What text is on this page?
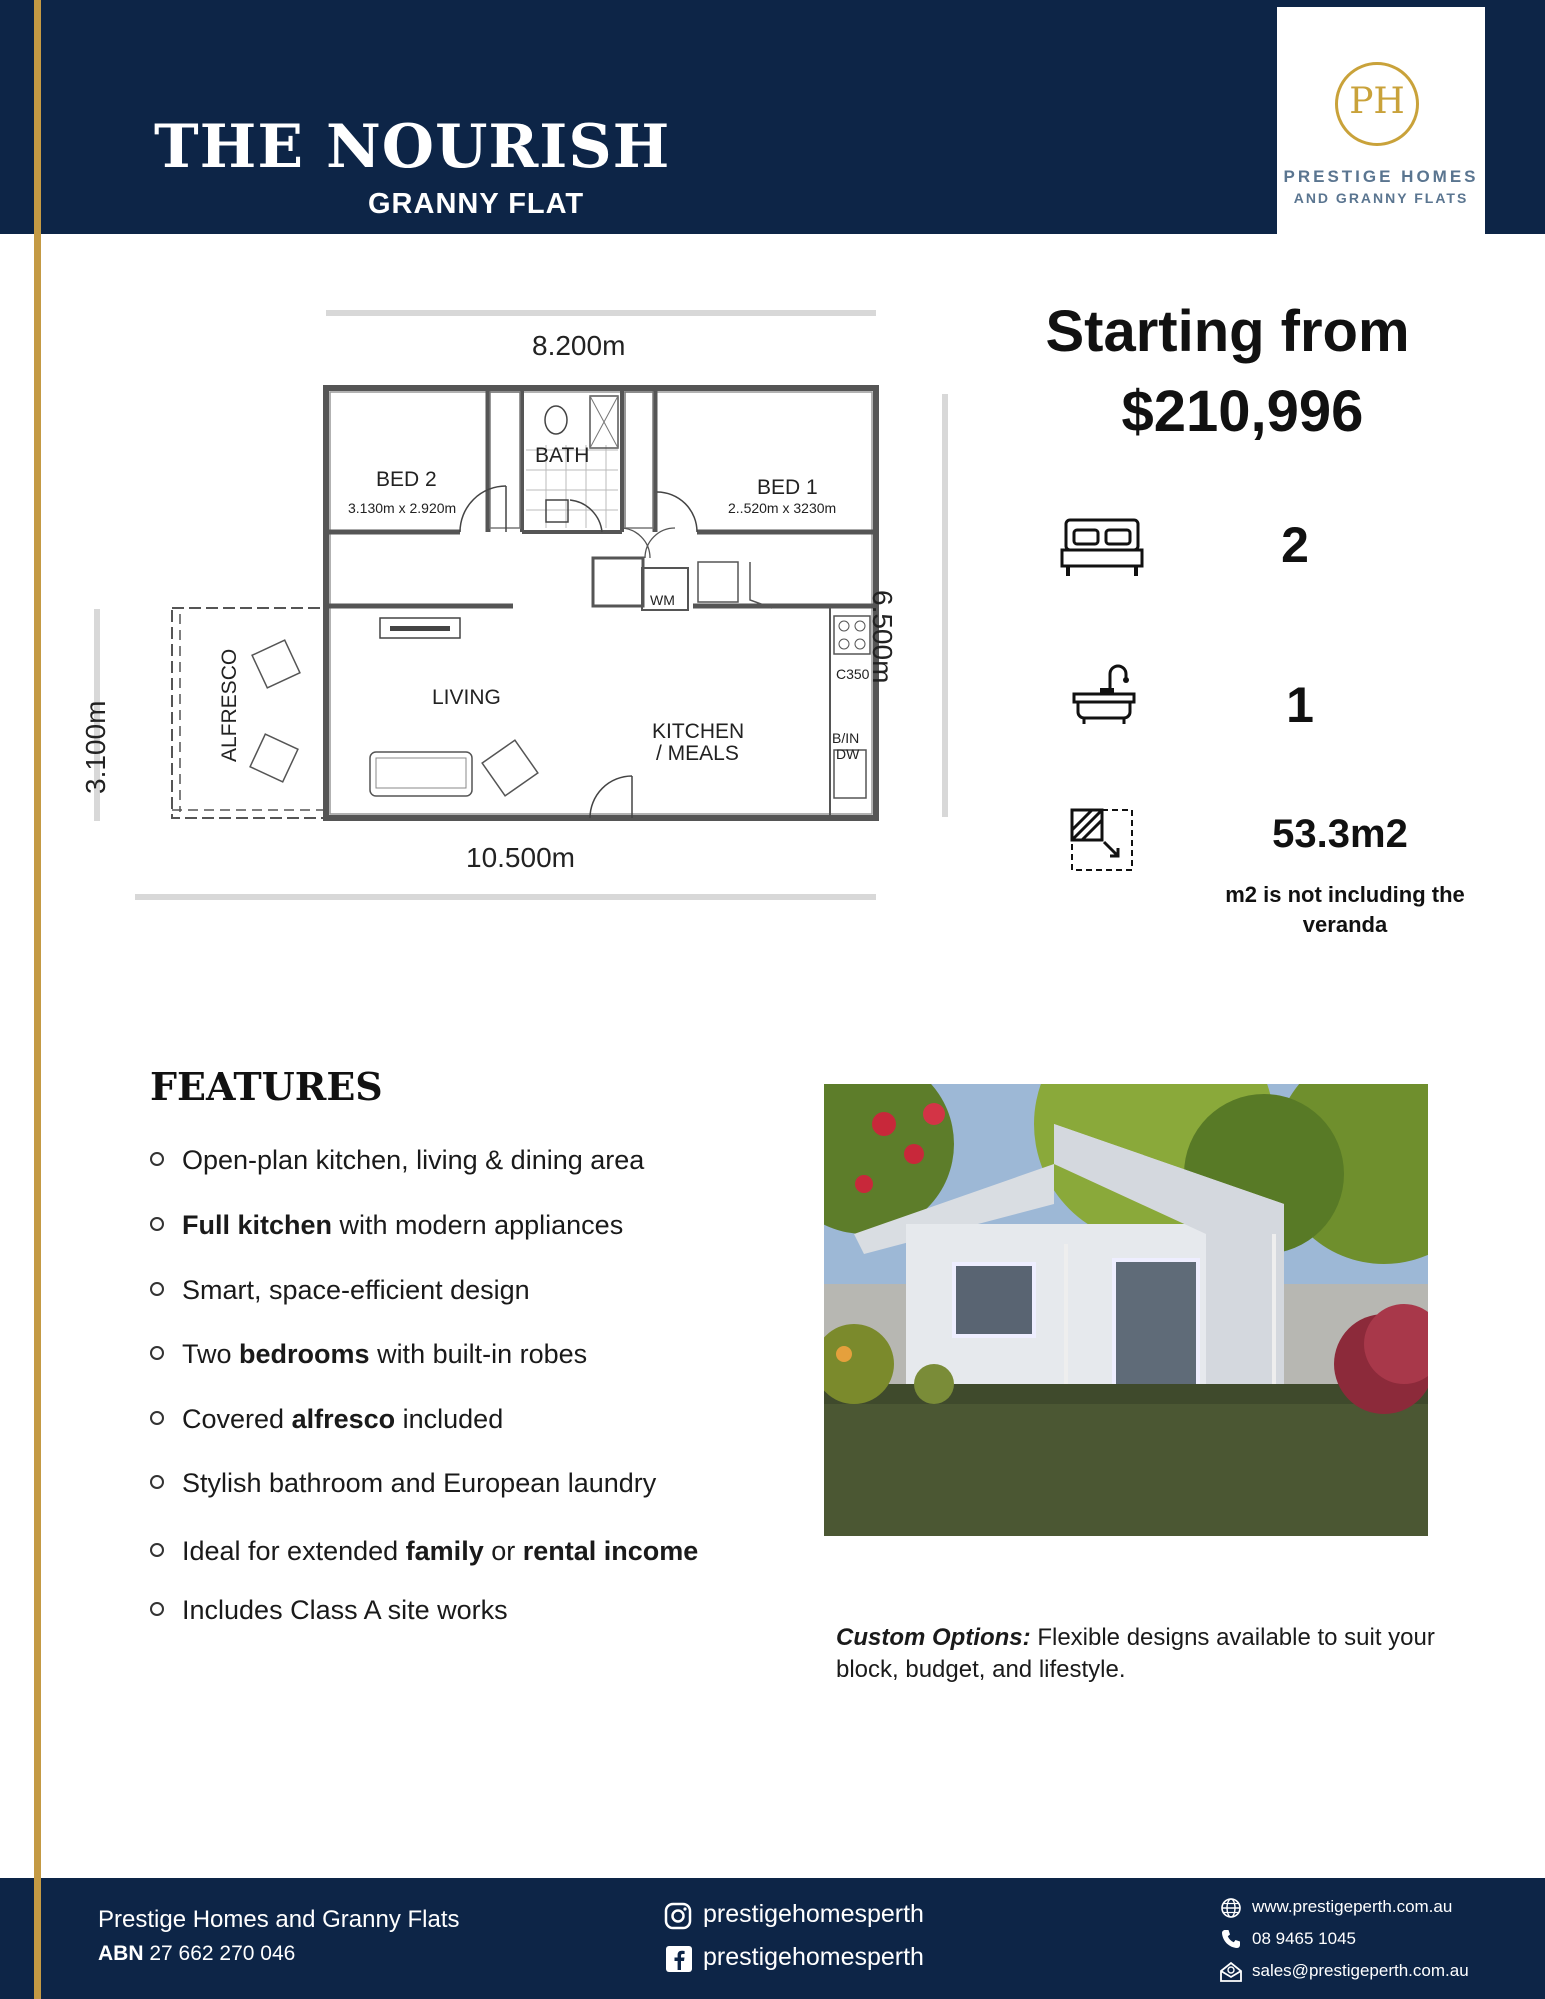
THE NOURISH
GRANNY FLAT
PH
PRESTIGE HOMES
AND GRANNY FLATS
8.200m
6.500m
3.100m
10.500m
BED 2
3.130m x 2.920m
BATH
BED 1
2..520m x 3230m
ALFRESCO	LIVING
KITCHEN
/ MEALS
WM
B/IN
DW
C350
Starting from
$210,996
2
1
53.3m2
m2 is not including the
veranda
FEATURES
Open-plan kitchen, living & dining area
Full kitchen with modern appliances
Smart, space-efficient design
Two bedrooms with built-in robes
Covered alfresco included
Stylish bathroom and European laundry
Ideal for extended family or rental income
Includes Class A site works
Custom Options: Flexible designs available to suit your block, budget, and lifestyle.
Prestige Homes and Granny Flats
ABN 27 662 270 046
prestigehomesperth
prestigehomesperth
www.prestigeperth.com.au
08 9465 1045
sales@prestigeperth.com.au
